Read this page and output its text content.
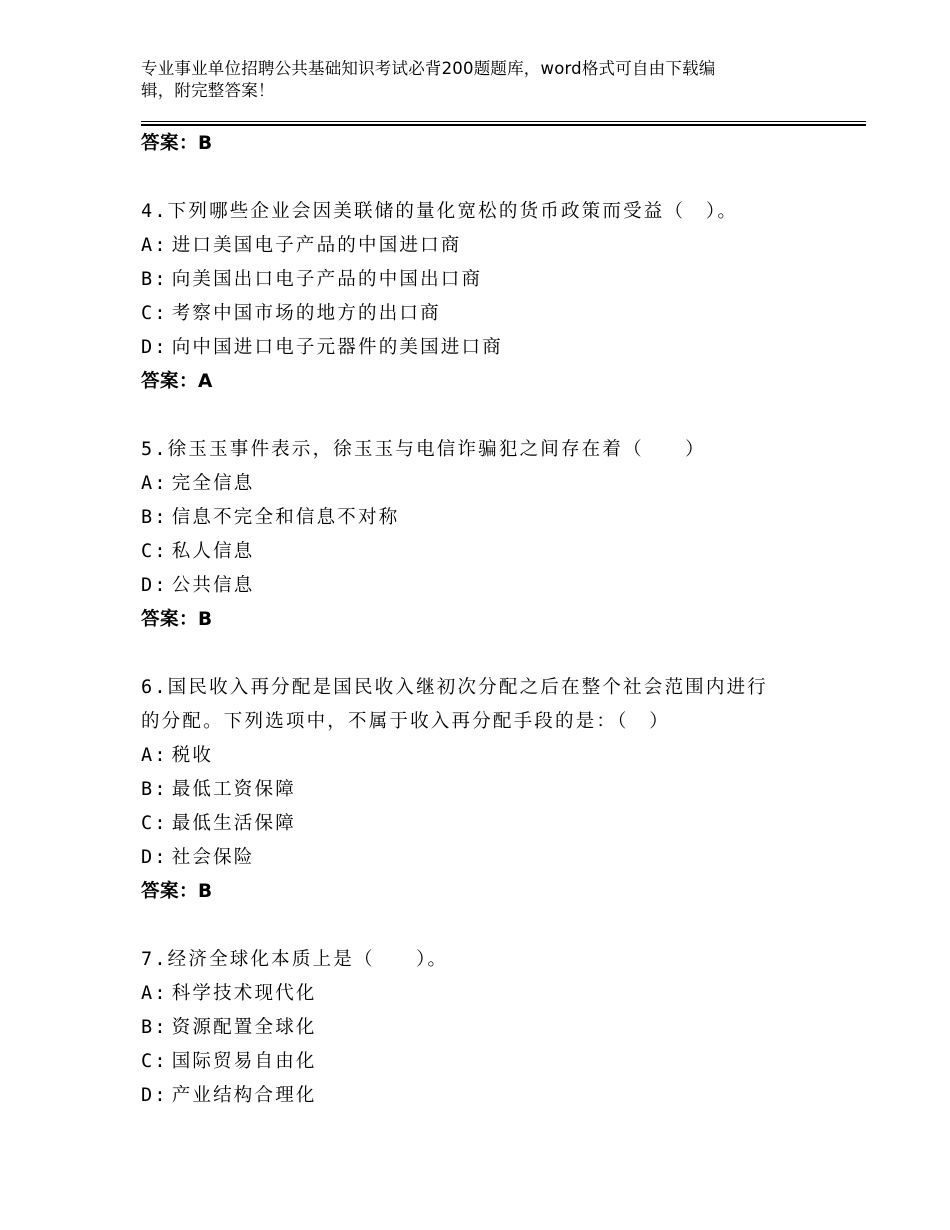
专业事业单位招聘公共基础知识考试必背200题题库，word格式可自由下载编
辑，附完整答案！
答案：B
4.下列哪些企业会因美联储的量化宽松的货币政策而受益（　）。
A: 进口美国电子产品的中国进口商
B: 向美国出口电子产品的中国出口商
C: 考察中国市场的地方的出口商
D: 向中国进口电子元器件的美国进口商
答案：A
5.徐玉玉事件表示，徐玉玉与电信诈骗犯之间存在着（　　）
A: 完全信息
B: 信息不完全和信息不对称
C: 私人信息
D: 公共信息
答案：B
6.国民收入再分配是国民收入继初次分配之后在整个社会范围内进行
的分配。下列选项中，不属于收入再分配手段的是：（　）
A: 税收
B: 最低工资保障
C: 最低生活保障
D: 社会保险
答案：B
7.经济全球化本质上是（　　）。
A: 科学技术现代化
B: 资源配置全球化
C: 国际贸易自由化
D: 产业结构合理化
